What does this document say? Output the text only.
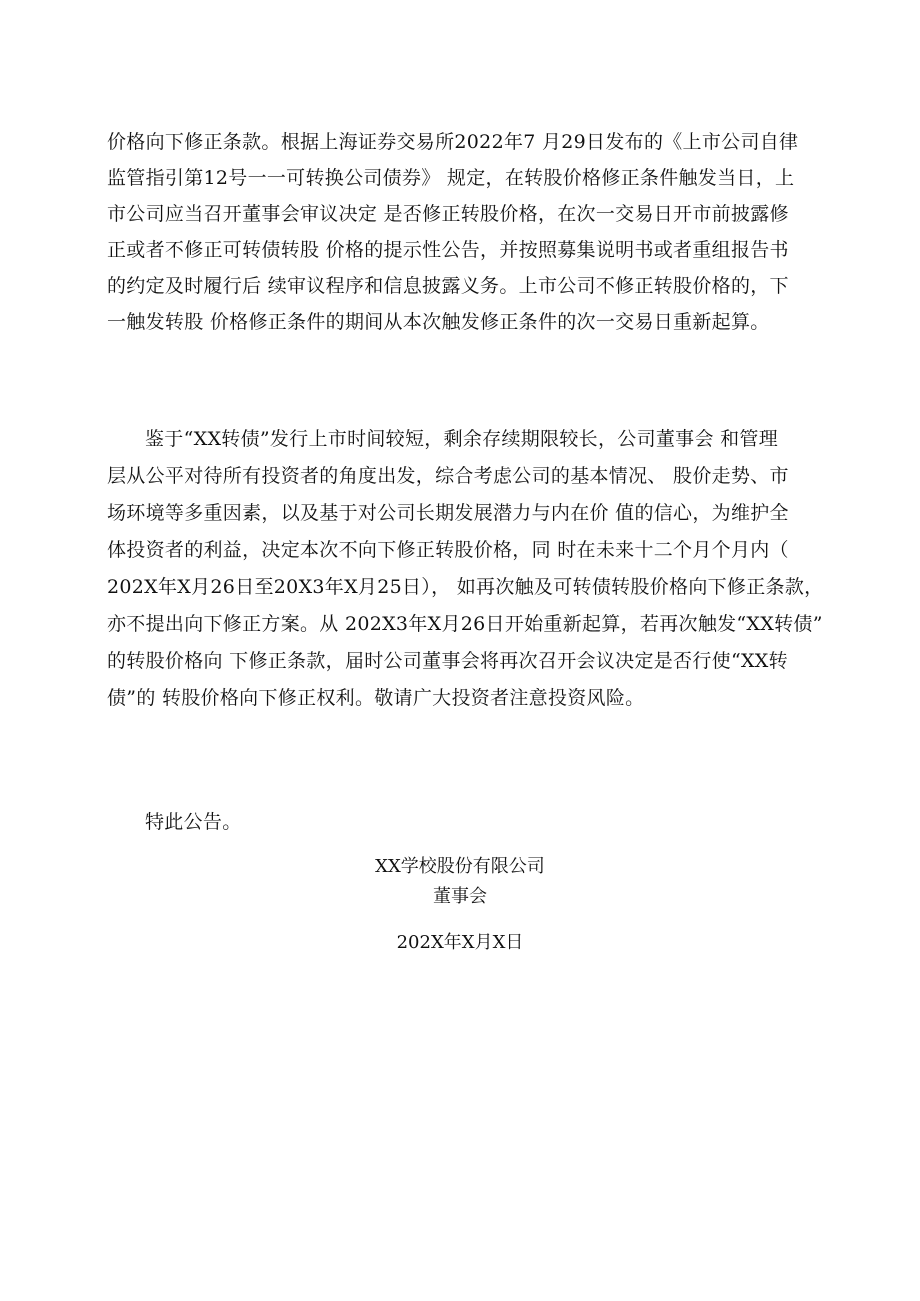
价格向下修正条款。根据上海证券交易所2022年7 月29日发布的《上市公司自律
监管指引第12号一一可转换公司债券》 规定，在转股价格修正条件触发当日，上
市公司应当召开董事会审议决定 是否修正转股价格，在次一交易日开市前披露修
正或者不修正可转债转股 价格的提示性公告，并按照募集说明书或者重组报告书
的约定及时履行后 续审议程序和信息披露义务。上市公司不修正转股价格的，下
一触发转股 价格修正条件的期间从本次触发修正条件的次一交易日重新起算。
鉴于“XX转债”发行上市时间较短，剩余存续期限较长，公司董事会 和管理
层从公平对待所有投资者的角度出发，综合考虑公司的基本情况、 股价走势、市
场环境等多重因素，以及基于对公司长期发展潜力与内在价 值的信心，为维护全
体投资者的利益，决定本次不向下修正转股价格，同 时在未来十二个月个月内（
202X年X月26日至20X3年X月25日）， 如再次触及可转债转股价格向下修正条款，
亦不提出向下修正方案。从 202X3年X月26日开始重新起算，若再次触发“XX转债”
的转股价格向 下修正条款，届时公司董事会将再次召开会议决定是否行使“XX转
债”的 转股价格向下修正权利。敬请广大投资者注意投资风险。
特此公告。
XX学校股份有限公司
董事会
202X年X月X日
